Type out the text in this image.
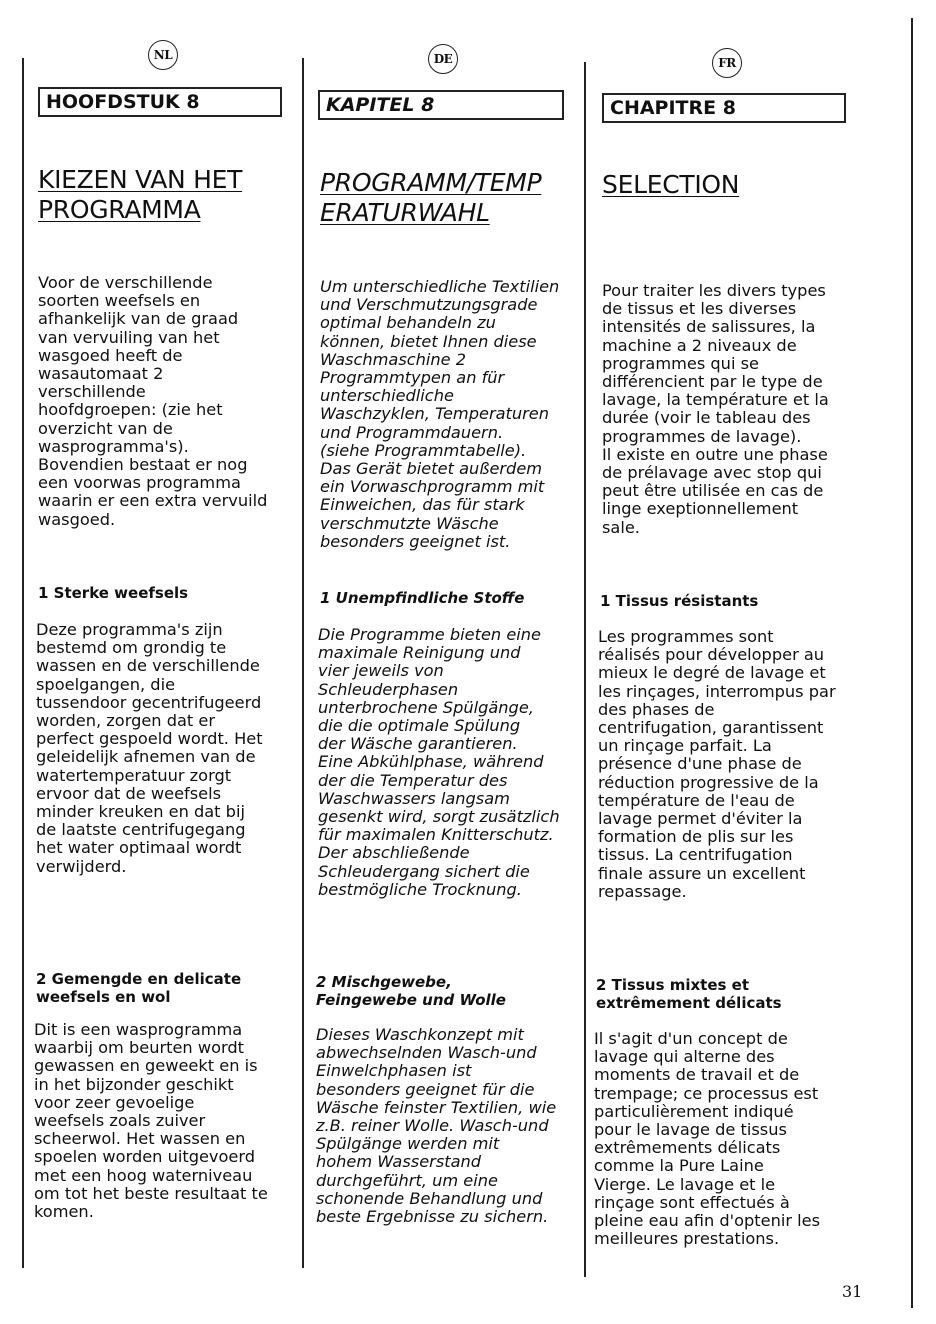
NL
HOOFDSTUK 8
KIEZEN VAN HET
PROGRAMMA

Voor de verschillende
soorten weefsels en
afhankelijk van de graad
van vervuiling van het
wasgoed heeft de
wasautomaat 2
verschillende
hoofdgroepen: (zie het
overzicht van de
wasprogramma's).
Bovendien bestaat er nog
een voorwas programma
waarin er een extra vervuild
wasgoed.

1 Sterke weefsels

Deze programma's zijn
bestemd om grondig te
wassen en de verschillende
spoelgangen, die
tussendoor gecentrifugeerd
worden, zorgen dat er
perfect gespoeld wordt. Het
geleidelijk afnemen van de
watertemperatuur zorgt
ervoor dat de weefsels
minder kreuken en dat bij
de laatste centrifugegang
het water optimaal wordt
verwijderd.

2 Gemengde en delicate
weefsels en wol

Dit is een wasprogramma
waarbij om beurten wordt
gewassen en geweekt en is
in het bijzonder geschikt
voor zeer gevoelige
weefsels zoals zuiver
scheerwol. Het wassen en
spoelen worden uitgevoerd
met een hoog waterniveau
om tot het beste resultaat te
komen.

DE
KAPITEL 8
PROGRAMM/TEMP
ERATURWAHL

Um unterschiedliche Textilien
und Verschmutzungsgrade
optimal behandeln zu
können, bietet Ihnen diese
Waschmaschine 2
Programmtypen an für
unterschiedliche
Waschzyklen, Temperaturen
und Programmdauern.
(siehe Programmtabelle).
Das Gerät bietet außerdem
ein Vorwaschprogramm mit
Einweichen, das für stark
verschmutzte Wäsche
besonders geeignet ist.

1 Unempfindliche Stoffe

Die Programme bieten eine
maximale Reinigung und
vier jeweils von
Schleuderphasen
unterbrochene Spülgänge,
die die optimale Spülung
der Wäsche garantieren.
Eine Abkühlphase, während
der die Temperatur des
Waschwassers langsam
gesenkt wird, sorgt zusätzlich
für maximalen Knitterschutz.
Der abschließende
Schleudergang sichert die
bestmögliche Trocknung.

2 Mischgewebe,
Feingewebe und Wolle

Dieses Waschkonzept mit
abwechselnden Wasch-und
Einwelchphasen ist
besonders geeignet für die
Wäsche feinster Textilien, wie
z.B. reiner Wolle. Wasch-und
Spülgänge werden mit
hohem Wasserstand
durchgeführt, um eine
schonende Behandlung und
beste Ergebnisse zu sichern.

FR
CHAPITRE 8
SELECTION

Pour traiter les divers types
de tissus et les diverses
intensités de salissures, la
machine a 2 niveaux de
programmes qui se
différencient par le type de
lavage, la température et la
durée (voir le tableau des
programmes de lavage).
Il existe en outre une phase
de prélavage avec stop qui
peut être utilisée en cas de
linge exeptionnellement
sale.

1 Tissus résistants

Les programmes sont
réalisés pour développer au
mieux le degré de lavage et
les rinçages, interrompus par
des phases de
centrifugation, garantissent
un rinçage parfait. La
présence d'une phase de
réduction progressive de la
température de l'eau de
lavage permet d'éviter la
formation de plis sur les
tissus. La centrifugation
finale assure un excellent
repassage.

2 Tissus mixtes et
extrêmement délicats

Il s'agit d'un concept de
lavage qui alterne des
moments de travail et de
trempage; ce processus est
particulièrement indiqué
pour le lavage de tissus
extrêmements délicats
comme la Pure Laine
Vierge. Le lavage et le
rinçage sont effectués à
pleine eau afin d'optenir les
meilleures prestations.

31
